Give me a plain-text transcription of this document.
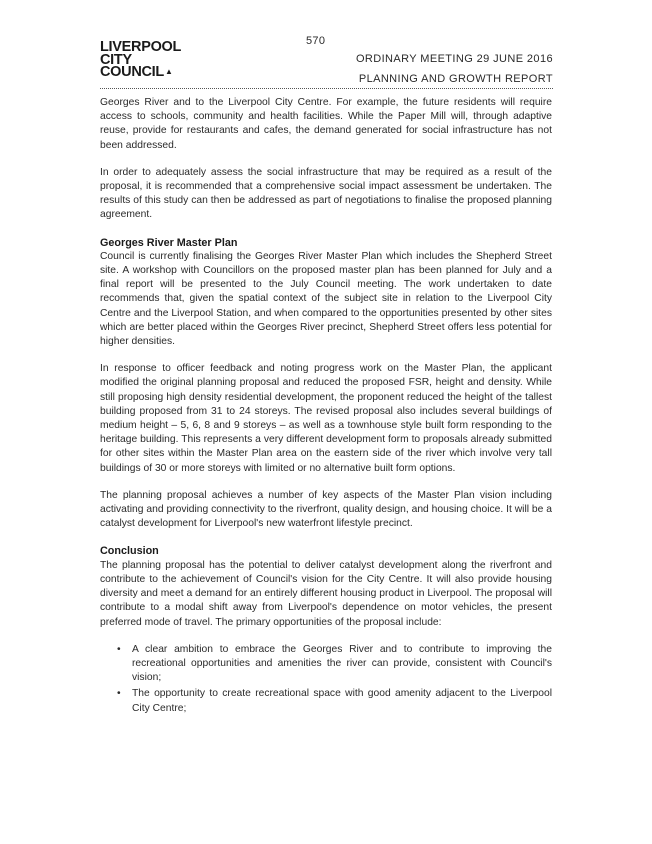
570
LIVERPOOL
CITY
COUNCIL▲
ORDINARY MEETING 29 JUNE 2016
PLANNING AND GROWTH REPORT

Georges River and to the Liverpool City Centre. For example, the future residents will require access to schools, community and health facilities. While the Paper Mill will, through adaptive reuse, provide for restaurants and cafes, the demand generated for social infrastructure has not been addressed.

In order to adequately assess the social infrastructure that may be required as a result of the proposal, it is recommended that a comprehensive social impact assessment be undertaken. The results of this study can then be addressed as part of negotiations to finalise the proposed planning agreement.

Georges River Master Plan

Council is currently finalising the Georges River Master Plan which includes the Shepherd Street site. A workshop with Councillors on the proposed master plan has been planned for July and a final report will be presented to the July Council meeting. The work undertaken to date recommends that, given the spatial context of the subject site in relation to the Liverpool City Centre and the Liverpool Station, and when compared to the opportunities presented by other sites which are better placed within the Georges River precinct, Shepherd Street offers less potential for higher densities.

In response to officer feedback and noting progress work on the Master Plan, the applicant modified the original planning proposal and reduced the proposed FSR, height and density. While still proposing high density residential development, the proponent reduced the height of the tallest building proposed from 31 to 24 storeys. The revised proposal also includes several buildings of medium height – 5, 6, 8 and 9 storeys – as well as a townhouse style built form responding to the heritage building. This represents a very different development form to proposals already submitted for other sites within the Master Plan area on the eastern side of the river which involve very tall buildings of 30 or more storeys with limited or no alternative built form options.

The planning proposal achieves a number of key aspects of the Master Plan vision including activating and providing connectivity to the riverfront, quality design, and housing choice. It will be a catalyst development for Liverpool's new waterfront lifestyle precinct.

Conclusion

The planning proposal has the potential to deliver catalyst development along the riverfront and contribute to the achievement of Council's vision for the City Centre. It will also provide housing diversity and meet a demand for an entirely different housing product in Liverpool. The proposal will contribute to a modal shift away from Liverpool's dependence on motor vehicles, the present preferred mode of travel. The primary opportunities of the proposal include:

• A clear ambition to embrace the Georges River and to contribute to improving the recreational opportunities and amenities the river can provide, consistent with Council's vision;
• The opportunity to create recreational space with good amenity adjacent to the Liverpool City Centre;
